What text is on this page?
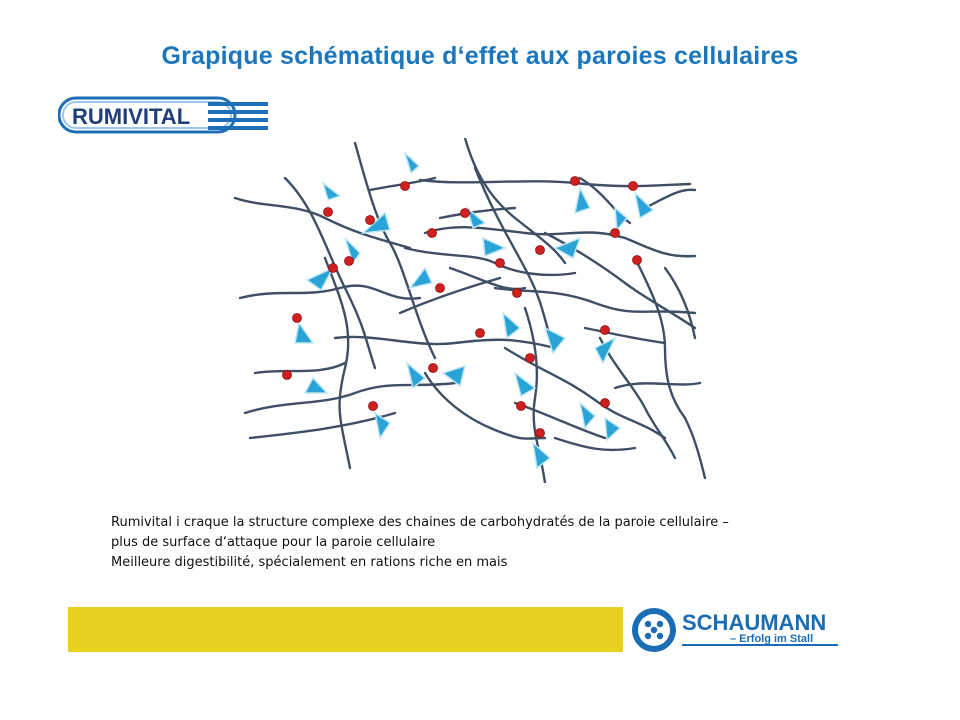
Grapique schématique d‘effet aux paroies cellulaires
RUMIVITAL
Rumivital i craque la structure complexe des chaines de carbohydratés de la paroie cellulaire –
plus de surface d‘attaque pour la paroie cellulaire
Meilleure digestibilité, spécialement en rations riche en mais
SCHAUMANN
– Erfolg im Stall
